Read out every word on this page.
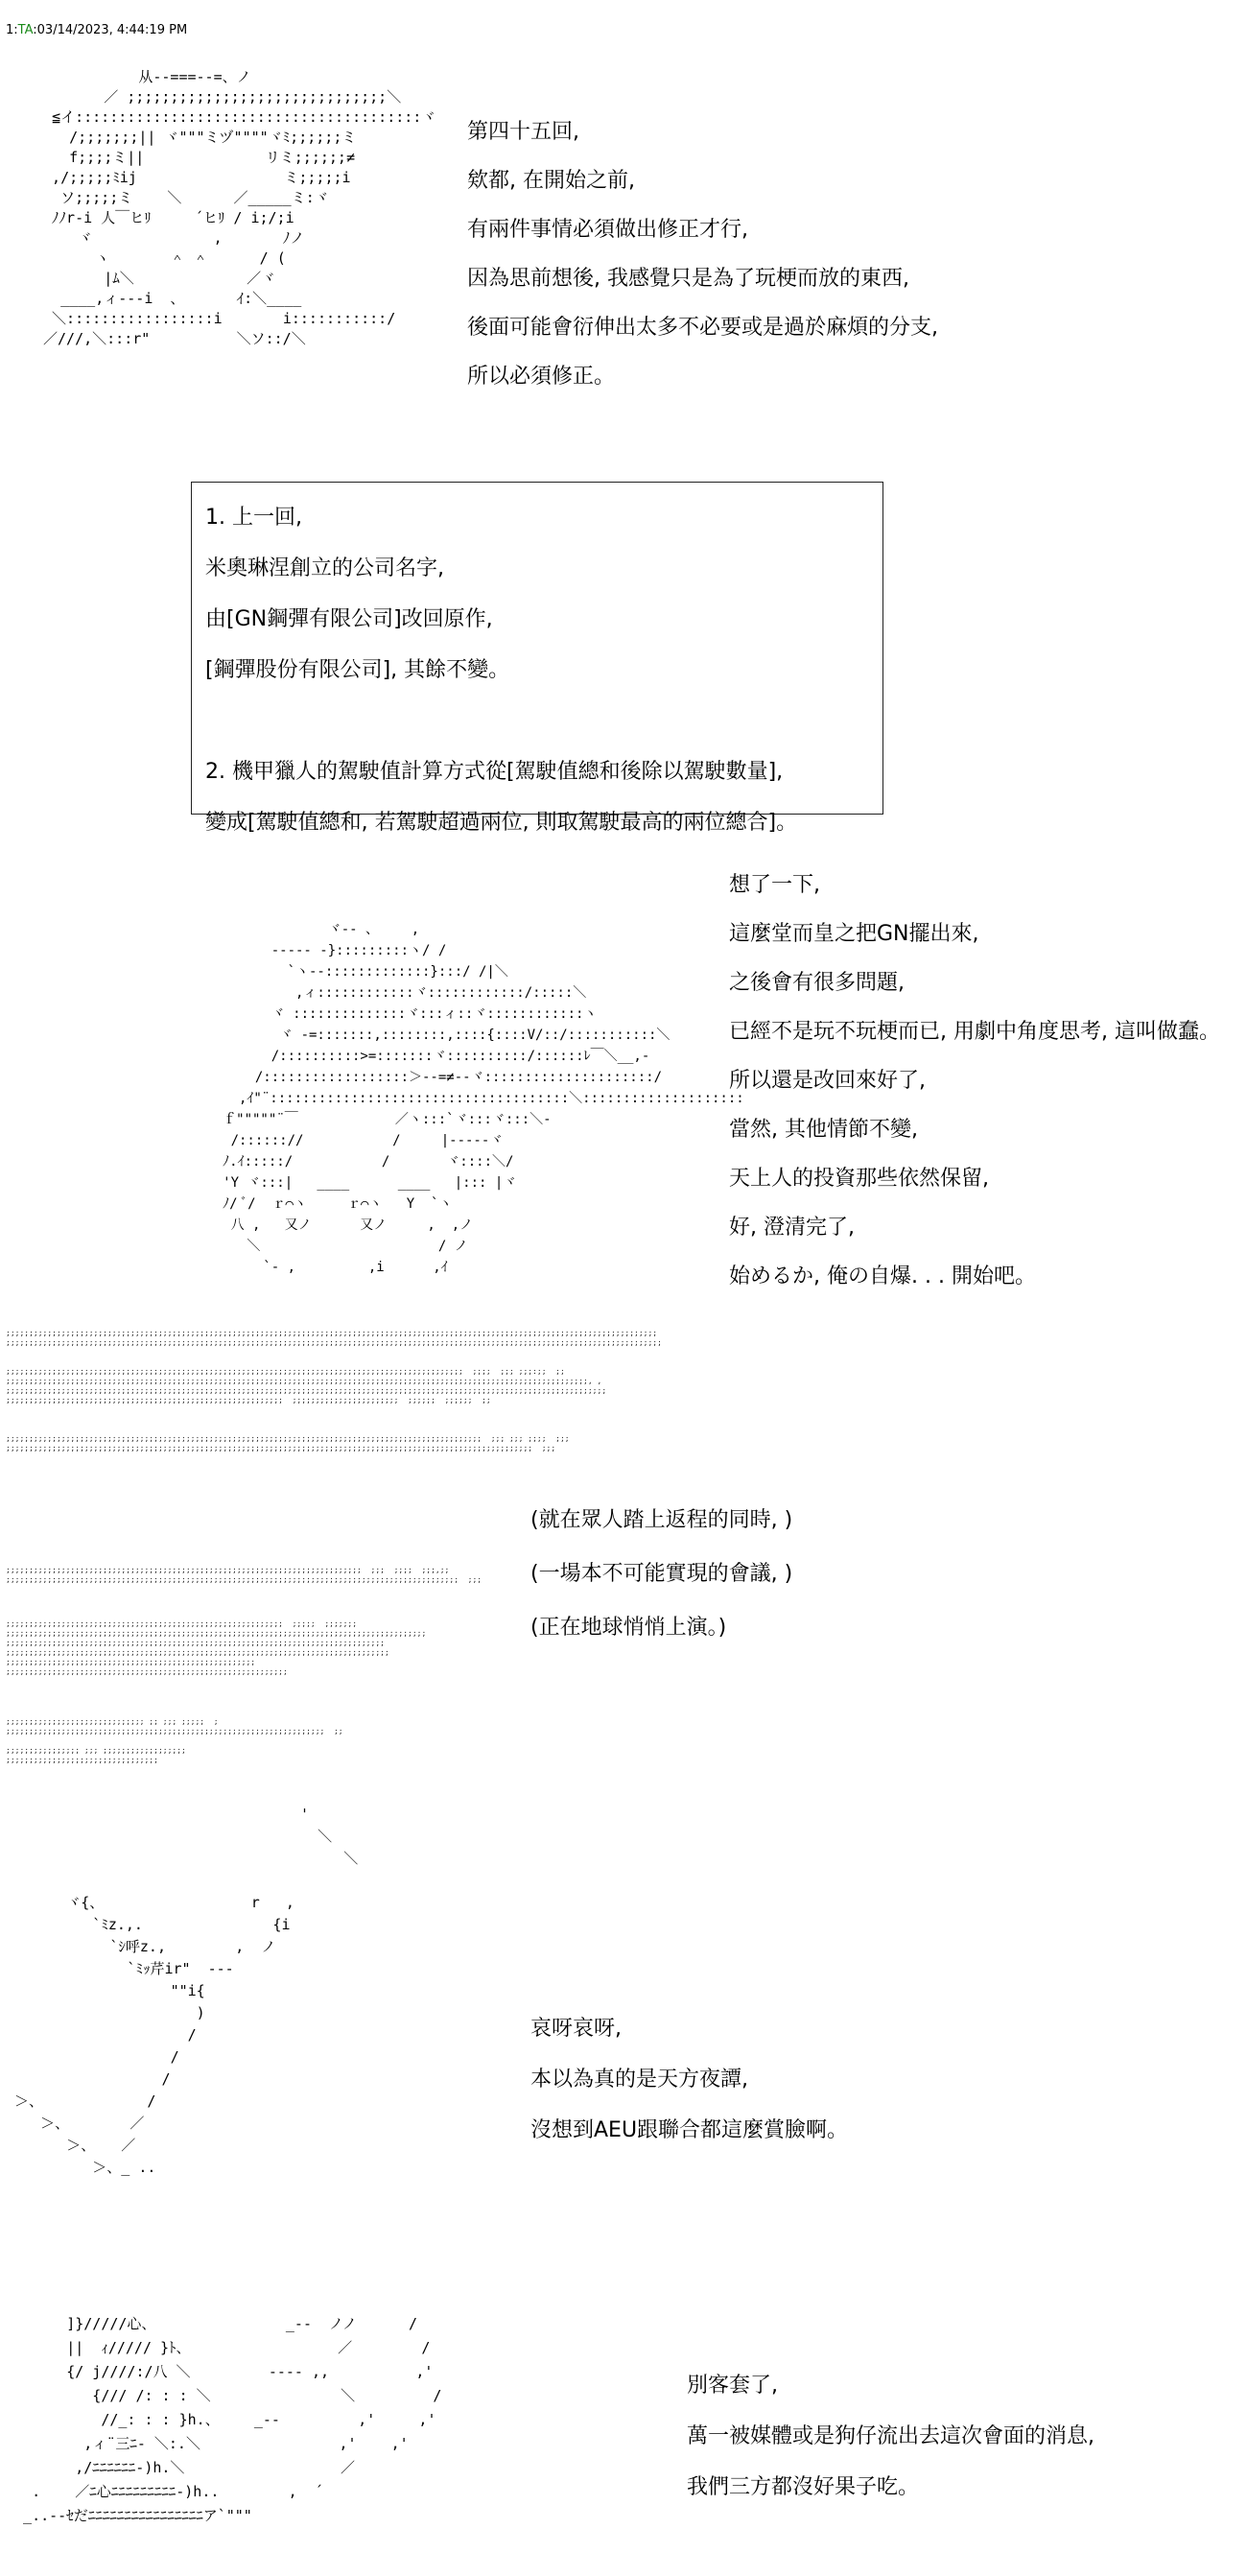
1:TA:03/14/2023, 4:44:19 PM
从--===--=、ノ
／ ;;;;;;;;;;;;;;;;;;;;;;;;;;;;;;＼
≦イ::::::::::::::::::::::::::::::::::::::::ヾ
/;;;;;;;|| ヾ"""ミヅ""""ヾﾐ;;;;;;ミ
f;;;;ミ||              リミ;;;;;;≠
,/;;;;;ﾐij                 ミ;;;;;i
ソ;;;;;ミ    ＼      ／_____ミ:ヾ
ﾉﾉr-i 人￣ヒﾘ     ´ヒﾘ / i;/;i
ヾ              ,       ﾉノ
ヽ       ＾ ＾      / (
|ﾑ＼             ／ヾ
____,ィ---i  、      ｲ:＼____
＼:::::::::::::::::i       i:::::::::::/
／///,＼:::r"          ＼ソ::/＼

第四十五回,

欸都, 在開始之前,

有兩件事情必須做出修正才行,

因為思前想後, 我感覺只是為了玩梗而放的東西,

後面可能會衍伸出太多不必要或是過於麻煩的分支,

所以必須修正。

1. 上一回,

米奧琳涅創立的公司名字,

由[GN鋼彈有限公司]改回原作,

[鋼彈股份有限公司], 其餘不變。

2. 機甲獵人的駕駛值計算方式從[駕駛值總和後除以駕駛數量],

變成[駕駛值總和, 若駕駛超過兩位, 則取駕駛最高的兩位總合]。

ヾ-- 、    ,
----- -}:::::::::ヽ/ /
`ヽ--:::::::::::::}:::/ /|＼
,ィ::::::::::::ヾ::::::::::::/:::::＼
ヾ ::::::::::::::ヾ:::ィ::ヾ::::::::::::ヽ
ヾ -=:::::::,::::::::,::::{::::V/::/:::::::::::＼
/::::::::::>=:::::::ヾ::::::::::/::::::ﾚ￣＼__,-
/::::::::::::::::::＞--=≠--ヾ:::::::::::::::::::::/
,ｲ"¨:::::::::::::::::::::::::::::::::::::＼::::::::::::::::::::
ｆ"""""¨￣            ／ヽ:::`ヾ:::ヾ:::＼-
/:::::://           /     |-----ヾ
ﾉ.ｲ:::::/           /       ヾ::::＼/
'Y ヾ:::|   ____      ____   |::: |ヾ
ﾉ/ ﾞ/  ｒ⌒ヽ     ｒ⌒ヽ   Y  `ヽ
八 ,   又ノ      又ノ     ,  ,ノ
＼                      / ノ
`- ,         ,i      ,ｲ

想了一下,

這麼堂而皇之把GN擺出來,

之後會有很多問題,

已經不是玩不玩梗而已, 用劇中角度思考, 這叫做蠢。

所以還是改回來好了,

當然, 其他情節不變,

天上人的投資那些依然保留,

好, 澄清完了,

始めるか, 俺の自爆. . . 開始吧。

;;;;;;;;;;;;;;;;;;;;;;;;;;;;;;;;;;;;;;;;;;;;;;;;;;;;;;;;;;;;;;;;;;;;;;;;;;;;;;;;;;;;;;;;;;;;;;;;;;;;;;;;;;;;;;;;;;;;;;;;;;;;;;;;;;;;;;;;;;;;;
;;;;;;;;;;;;;;;;;;;;;;;;;;;;;;;;;;;;;;;;;;;;;;;;;;;;;;;;;;;;;;;;;;;;;;;;;;;;;;;;;;;;;;;;;;;;;;;;;;;;;;;;;;;;;;;;;;;;;;;;;;;;;;;;;;;;;;;;;;;;;;

;;;;;;;;;;;;;;;;;;;;;;;;;;;;;;;;;;;;;;;;;;;;;;;;;;;;;;;;;;;;;;;;;;;;;;;;;;;;;;;;;;;;;;;;;;;;;;;;;;;  ;;;;  ;;; ;;;:;;  ;;
;;;;;;;;;;;;;;;;;;;;;;;;;;;;;;;;;;;;;;;;;;;;;;;;;;;;;;;;;;;;;;;;;;;;;;;;;;;;;;;;;;;;;;;;;;;;;;;;;;;;;;;;;;;;;;;;;;;;;;;;;;;;;;, ,
;;;;;;;;;;;;;;;;;;;;;;;;;;;;;;;;;;;;;;;;;;;;;;;;;;;;;;;;;;;;;;;;;;;;;;;;;;;;;;;;;;;;;;;;;;;;;;;;;;;;;;;;;;;;;;;;;;;;;;;;;;;;;;;;;;
;;;;;;;;;;;;;;;;;;;;;;;;;;;;;;;;;;;;;;;;;;;;;;;;;;;;;;;;;;;;  ;;;;;;;;;;;;;;;;;;;;;;;  ;;;;;;  ;;;;;;  ;;

;;;;;;;;;;;;;;;;;;;;;;;;;;;;;;;;;;;;;;;;;;;;;;;;;;;;;;;;;;;;;;;;;;;;;;;;;;;;;;;;;;;;;;;;;;;;;;;;;;;;;;;  ;;; ;;; ;;;;  ;;;
;;;;;;;;;;;;;;;;;;;;;;;;;;;;;;;;;;;;;;;;;;;;;;;;;;;;;;;;;;;;;;;;;;;;;;;;;;;;;;;;;;;;;;;;;;;;;;;;;;;;;;;;;;;;;;;;;;  ;;;

(就在眾人踏上返程的同時, )

(一場本不可能實現的會議, )

(正在地球悄悄上演。)

;;;;;;;;;;;;;;;;;;;;;;;;;;;;;;;;;;;;;;;;;;;;;;;;;;;;;;;;;;;;;;;;;;;;;;;;;;;;;  ;;;  ;;;;  ;;;,;;
;;;;;;;;;;;;;;;;;;;;;;;;;;;;;;;;;;;;;;;;;;;;;;;;;;;;;;;;;;;;;;;;;;;;;;;;;;;;;;;;;;;;;;;;;;;;;;;;;;  ;;;
;;;;;;;;;;;;;;;;;;;;;;;;;;;;;;;;;;;;;;;;;;;;;;;;;;;;;;;;;;;;  ;;;;;  ;;;;;;;
;;;;;;;;;;;;;;;;;;;;;;;;;;;;;;;;;;;;;;;;;;;;;;;;;;;;;;;;;;;;;;;;;;;;;;;;;;;;;;;;;;;;;;;;;;;
;;;;;;;;;;;;;;;;;;;;;;;;;;;;;;;;;;;;;;;;;;;;;;;;;;;;;;;;;;;;;;;;;;;;;;;;;;;;;;;;;;
;;;;;;;;;;;;;;;;;;;;;;;;;;;;;;;;;;;;;;;;;;;;;;;;;;;;;;;;;;;;;;;;;;;;;;;;;;;;;;;;;;;
;;;;;;;;;;;;;;;;;;;;;;;;;;;;;;;;;;;;;;;;;;;;;;;;;;;;;;
;;;;;;;;;;;;;;;;;;;;;;;;;;;;;;;;;;;;;;;;;;;;;;;;;;;;;;;;;;;;;
;;;;;;;;;;;;;;;;;;;;;;;;;;;;;; ;; ;;; ;;;;;  ;
;;;;;;;;;;;;;;;;;;;;;;;;;;;;;;;;;;;;;;;;;;;;;;;;;;;;;;;;;;;;;;;;;;;;;  ;;

;;;;;;;;;;;;;;;; ;;; ;;;;;;;;;;;;;;;;;;
;;;;;;;;;;;;;;;;;;;;;;;;;;;;;;;;;
'
＼
＼

ヾ{、                 r   ,
`ﾐz.,.               {i
`ｼ呼z.,        ,  ノ
`ﾐｯ芹ir"  ---
""i{
)
/
/
/
＞、            /
＞、       ／
＞、   ／
＞、_ ..

哀呀哀呀,

本以為真的是天方夜譚,

沒想到AEU跟聯合都這麼賞臉啊。

]}/////心、               _--  ノノ      /
||  ｨ///// }ﾄ、                 ／        /
{/ j////:/八 ＼         ---- ,,          ,'
{/// /: : : ＼               ＼         /
//_: : : }h.、    _--         ,'     ,'
,ィ¨三ﾆ- ＼:.＼                ,'    ,'
,/ﾆﾆﾆﾆﾆﾆ-)h.＼                  ／
.    ／ﾆ心ﾆﾆﾆﾆﾆﾆﾆﾆﾆ-)h..        ,  ´
_..--ｾだﾆﾆﾆﾆﾆﾆﾆﾆﾆﾆﾆﾆﾆﾆﾆﾆア`"""

別客套了,

萬一被媒體或是狗仔流出去這次會面的消息,

我們三方都沒好果子吃。
